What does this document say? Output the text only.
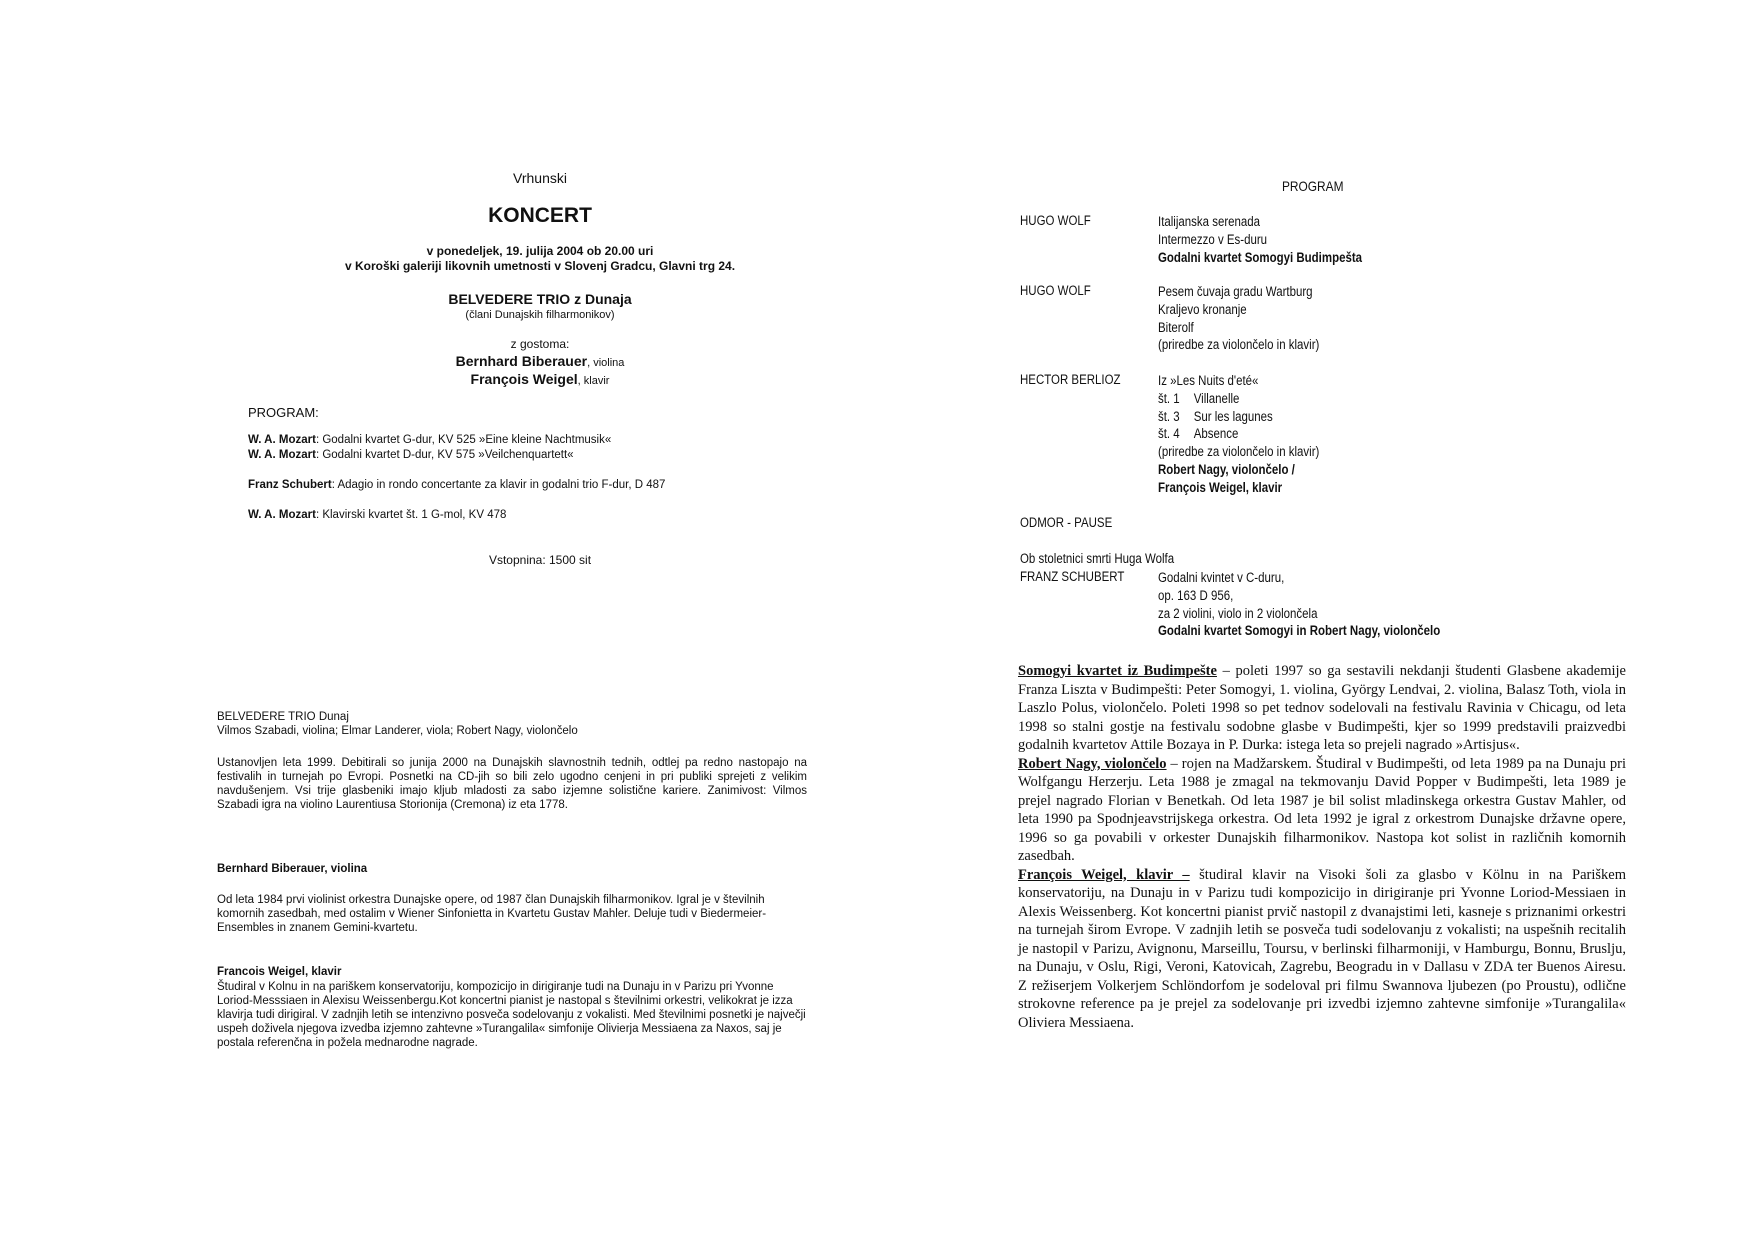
Vrhunski
KONCERT
v ponedeljek, 19. julija 2004 ob 20.00 uri
v Koroški galeriji likovnih umetnosti v Slovenj Gradcu, Glavni trg 24.
BELVEDERE TRIO z Dunaja
(člani Dunajskih filharmonikov)
z gostoma:
Bernhard Biberauer, violina
François Weigel, klavir
PROGRAM:
W. A. Mozart: Godalni kvartet G-dur, KV 525 »Eine kleine Nachtmusik«
W. A. Mozart: Godalni kvartet D-dur, KV 575 »Veilchenquartett«
Franz Schubert: Adagio in rondo concertante za klavir in godalni trio F-dur, D 487
W. A. Mozart: Klavirski kvartet št. 1 G-mol, KV 478
Vstopnina: 1500 sit
BELVEDERE TRIO Dunaj
Vilmos Szabadi, violina; Elmar Landerer, viola; Robert Nagy, violončelo

Ustanovljen leta 1999. Debitirali so junija 2000 na Dunajskih slavnostnih tednih, odtlej pa redno nastopajo na festivalih in turnejah po Evropi. Posnetki na CD-jih so bili zelo ugodno cenjeni in pri publiki sprejeti z velikim navdušenjem. Vsi trije glasbeniki imajo kljub mladosti za sabo izjemne solistične kariere. Zanimivost: Vilmos Szabadi igra na violino Laurentiusa Storionija (Cremona) iz eta 1778.

Bernhard Biberauer, violina

Od leta 1984 prvi violinist orkestra Dunajske opere, od 1987 član Dunajskih filharmonikov. Igral je v številnih komornih zasedbah, med ostalim v Wiener Sinfonietta in Kvartetu Gustav Mahler. Deluje tudi v Biedermeier-Ensembles in znanem Gemini-kvartetu.

Francois Weigel, klavir

Študiral v Kolnu in na pariškem konservatoriju, kompozicijo in dirigiranje tudi na Dunaju in v Parizu pri Yvonne Loriod-Messsiaen in Alexisu Weissenbergu.Kot koncertni pianist je nastopal s številnimi orkestri, velikokrat je izza klavirja tudi dirigiral. V zadnjih letih se intenzivno posveča sodelovanju z vokalisti. Med številnimi posnetki je največji uspeh doživela njegova izvedba izjemno zahtevne »Turangalila« simfonije Olivierja Messiaena za Naxos, saj je postala referenčna in požela mednarodne nagrade.

PROGRAM
HUGO WOLF	Italijanska serenada
Intermezzo v Es-duru
Godalni kvartet Somogyi Budimpešta
HUGO WOLF	Pesem čuvaja gradu Wartburg
Kraljevo kronanje
Biterolf
(priredbe za violončelo in klavir)
HECTOR BERLIOZ	Iz »Les Nuits d'eté«
št. 1 Villanelle
št. 3 Sur les lagunes
št. 4 Absence
(priredbe za violončelo in klavir)
Robert Nagy, violončelo /
François Weigel, klavir
ODMOR - PAUSE
Ob stoletnici smrti Huga Wolfa
FRANZ SCHUBERT Godalni kvintet v C-duru,
op. 163 D 956,
za 2 violini, violo in 2 violončela
Godalni kvartet Somogyi in Robert Nagy, violončelo
Somogyi kvartet iz Budimpešte – poleti 1997 so ga sestavili nekdanji študenti Glasbene akademije Franza Liszta v Budimpešti: Peter Somogyi, 1. violina, György Lendvai, 2. violina, Balasz Toth, viola in Laszlo Polus, violončelo. Poleti 1998 so pet tednov sodelovali na festivalu Ravinia v Chicagu, od leta 1998 so stalni gostje na festivalu sodobne glasbe v Budimpešti, kjer so 1999 predstavili praizvedbi godalnih kvartetov Attile Bozaya in P. Durka: istega leta so prejeli nagrado »Artisjus«.
Robert Nagy, violončelo – rojen na Madžarskem. Študiral v Budimpešti, od leta 1989 pa na Dunaju pri Wolfgangu Herzerju. Leta 1988 je zmagal na tekmovanju David Popper v Budimpešti, leta 1989 je prejel nagrado Florian v Benetkah. Od leta 1987 je bil solist mladinskega orkestra Gustav Mahler, od leta 1990 pa Spodnjeavstrijskega orkestra. Od leta 1992 je igral z orkestrom Dunajske državne opere, 1996 so ga povabili v orkester Dunajskih filharmonikov. Nastopa kot solist in različnih komornih zasedbah.
François Weigel, klavir – študiral klavir na Visoki šoli za glasbo v Kölnu in na Pariškem konservatoriju, na Dunaju in v Parizu tudi kompozicijo in dirigiranje pri Yvonne Loriod-Messiaen in Alexis Weissenberg. Kot koncertni pianist prvič nastopil z dvanajstimi leti, kasneje s priznanimi orkestri na turnejah širom Evrope. V zadnjih letih se posveča tudi sodelovanju z vokalisti; na uspešnih recitalih je nastopil v Parizu, Avignonu, Marseillu, Toursu, v berlinski filharmoniji, v Hamburgu, Bonnu, Bruslju, na Dunaju, v Oslu, Rigi, Veroni, Katovicah, Zagrebu, Beogradu in v Dallasu v ZDA ter Buenos Airesu. Z režiserjem Volkerjem Schlöndorfom je sodeloval pri filmu Swannova ljubezen (po Proustu), odlične strokovne reference pa je prejel za sodelovanje pri izvedbi izjemno zahtevne simfonije »Turangalila« Oliviera Messiaena.
